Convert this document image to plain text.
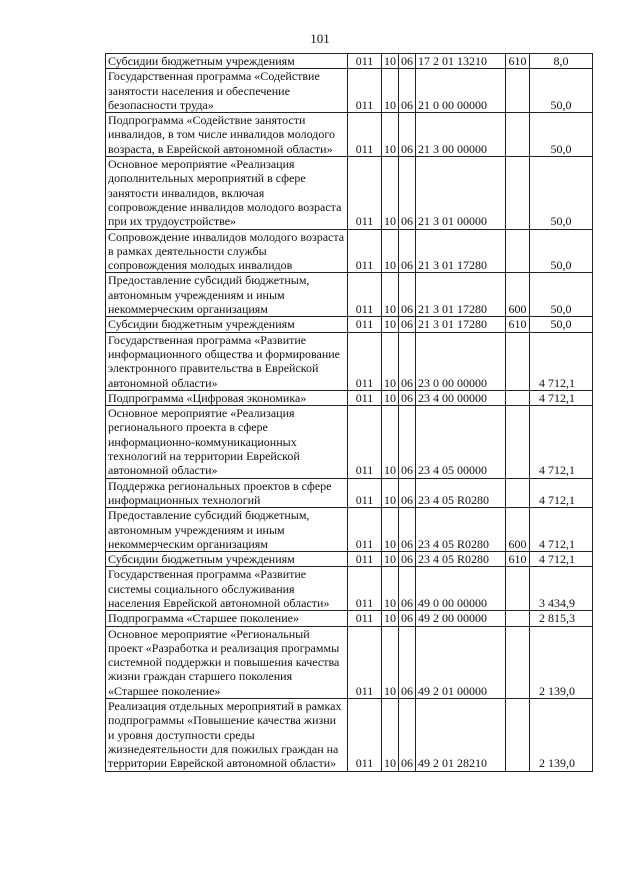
101
Субсидии бюджетным учреждениям	011	10	06	17 2 01 13210	610	8,0
Государственная программа «Содействие занятости населения и обеспечение безопасности труда»	011	10	06	21 0 00 00000		50,0
Подпрограмма «Содействие занятости инвалидов, в том числе инвалидов молодого возраста, в Еврейской автономной области»	011	10	06	21 3 00 00000		50,0
Основное мероприятие «Реализация дополнительных мероприятий в сфере занятости инвалидов, включая сопровождение инвалидов молодого возраста при их трудоустройстве»	011	10	06	21 3 01 00000		50,0
Сопровождение инвалидов молодого возраста в рамках деятельности службы сопровождения молодых инвалидов	011	10	06	21 3 01 17280		50,0
Предоставление субсидий бюджетным, автономным учреждениям и иным некоммерческим организациям	011	10	06	21 3 01 17280	600	50,0
Субсидии бюджетным учреждениям	011	10	06	21 3 01 17280	610	50,0
Государственная программа «Развитие информационного общества и формирование электронного правительства в Еврейской автономной области»	011	10	06	23 0 00 00000		4 712,1
Подпрограмма «Цифровая экономика»	011	10	06	23 4 00 00000		4 712,1
Основное мероприятие «Реализация регионального проекта в сфере информационно-коммуникационных технологий на территории Еврейской автономной области»	011	10	06	23 4 05 00000		4 712,1
Поддержка региональных проектов в сфере информационных технологий	011	10	06	23 4 05 R0280		4 712,1
Предоставление субсидий бюджетным, автономным учреждениям и иным некоммерческим организациям	011	10	06	23 4 05 R0280	600	4 712,1
Субсидии бюджетным учреждениям	011	10	06	23 4 05 R0280	610	4 712,1
Государственная программа «Развитие системы социального обслуживания населения Еврейской автономной области»	011	10	06	49 0 00 00000		3 434,9
Подпрограмма «Старшее поколение»	011	10	06	49 2 00 00000		2 815,3
Основное мероприятие «Региональный проект «Разработка и реализация программы системной поддержки и повышения качества жизни граждан старшего поколения «Старшее поколение»	011	10	06	49 2 01 00000		2 139,0
Реализация отдельных мероприятий в рамках подпрограммы «Повышение качества жизни и уровня доступности среды жизнедеятельности для пожилых граждан на территории Еврейской автономной области»	011	10	06	49 2 01 28210		2 139,0
